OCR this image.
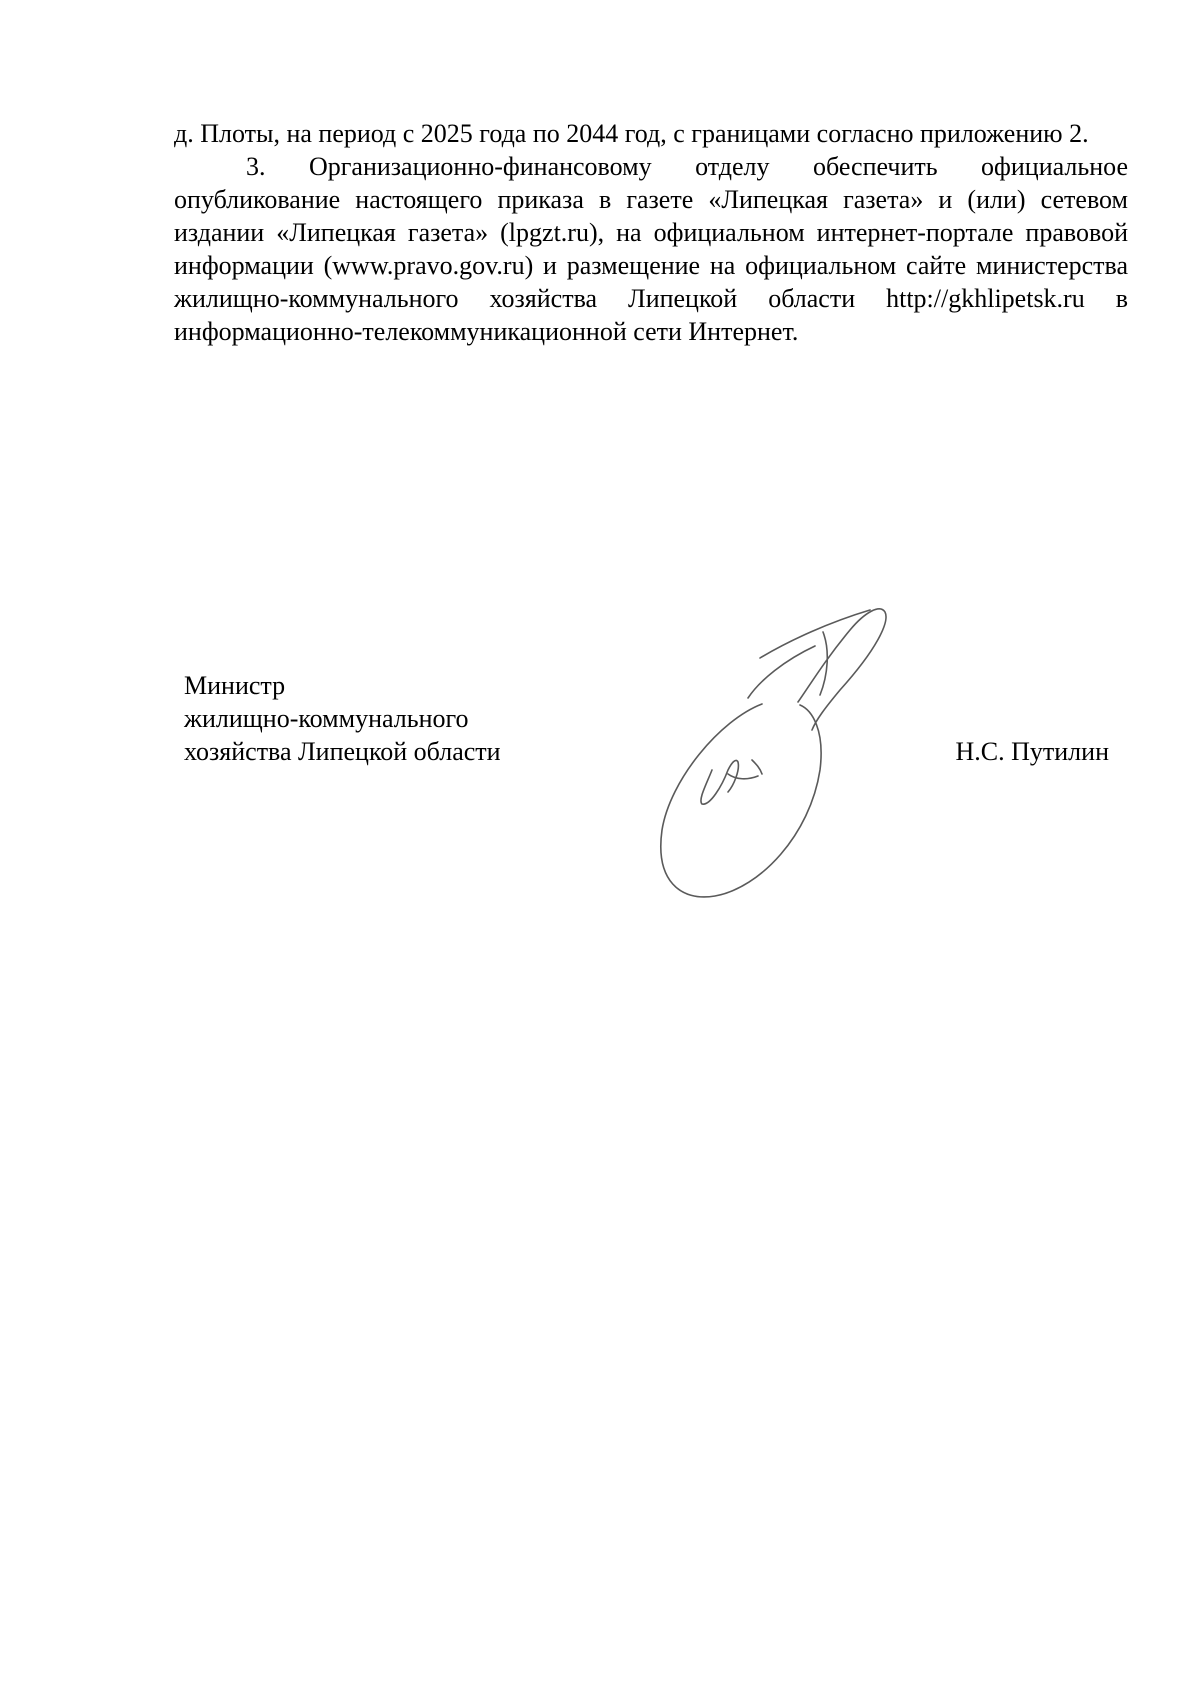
д. Плоты, на период с 2025 года по 2044 год, с границами согласно приложению 2.

3. Организационно-финансовому отделу обеспечить официальное опубликование настоящего приказа в газете «Липецкая газета» и (или) сетевом издании «Липецкая газета» (lpgzt.ru), на официальном интернет-портале правовой информации (www.pravo.gov.ru) и размещение на официальном сайте министерства жилищно-коммунального хозяйства Липецкой области http://gkhlipetsk.ru в информационно-телекоммуникационной сети Интернет.

Министр
жилищно-коммунального
хозяйства Липецкой области	Н.С. Путилин
